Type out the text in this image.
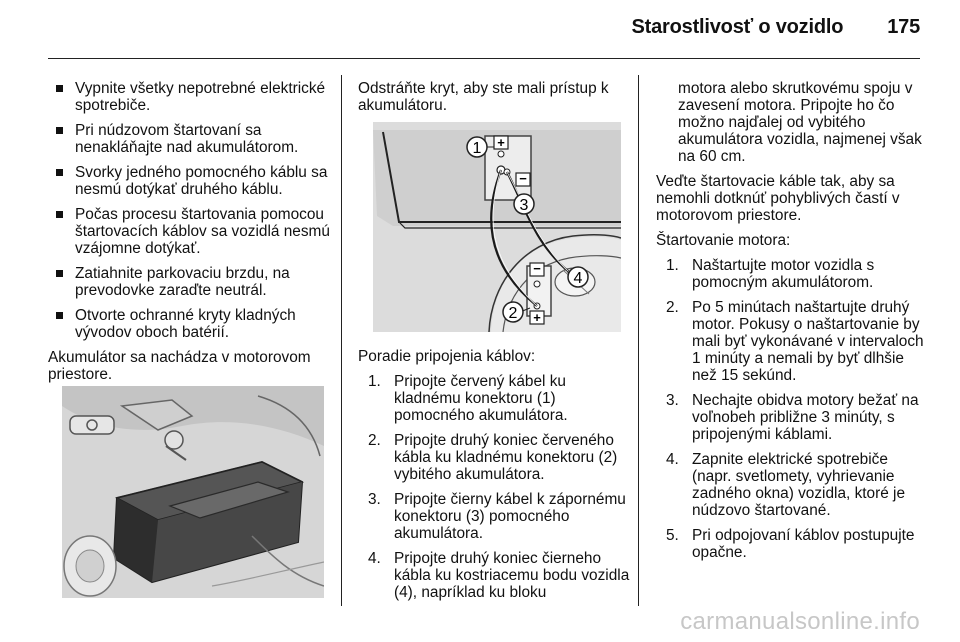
Starostlivosť o vozidlo 175
Vypnite všetky nepotrebné elektrické spotrebiče.
Pri núdzovom štartovaní sa nenakláňajte nad akumulátorom.
Svorky jedného pomocného káblu sa nesmú dotýkať druhého káblu.
Počas procesu štartovania pomocou štartovacích káblov sa vozidlá nesmú vzájomne dotýkať.
Zatiahnite parkovaciu brzdu, na prevodovke zaraďte neutrál.
Otvorte ochranné kryty kladných vývodov oboch batérií.

Akumulátor sa nachádza v motorovom priestore.

Odstráňte kryt, aby ste mali prístup k akumulátoru.

+
−
−
+
1
3
4
2

Poradie pripojenia káblov:

1. Pripojte červený kábel ku kladnému konektoru (1) pomocného akumulátora.
2. Pripojte druhý koniec červeného kábla ku kladnému konektoru (2) vybitého akumulátora.
3. Pripojte čierny kábel k zápornému konektoru (3) pomocného akumulátora.
4. Pripojte druhý koniec čierneho kábla ku kostriacemu bodu vozidla (4), napríklad ku bloku

motora alebo skrutkovému spoju v zavesení motora. Pripojte ho čo možno najďalej od vybitého akumulátora vozidla, najmenej však na 60 cm.

Veďte štartovacie káble tak, aby sa nemohli dotknúť pohyblivých častí v motorovom priestore.

Štartovanie motora:

1. Naštartujte motor vozidla s pomocným akumulátorom.
2. Po 5 minútach naštartujte druhý motor. Pokusy o naštartovanie by mali byť vykonávané v intervaloch 1 minúty a nemali by byť dlhšie než 15 sekúnd.
3. Nechajte obidva motory bežať na voľnobeh približne 3 minúty, s pripojenými káblami.
4. Zapnite elektrické spotrebiče (napr. svetlomety, vyhrievanie zadného okna) vozidla, ktoré je núdzovo štartované.
5. Pri odpojovaní káblov postupujte opačne.
carmanualsonline.info
